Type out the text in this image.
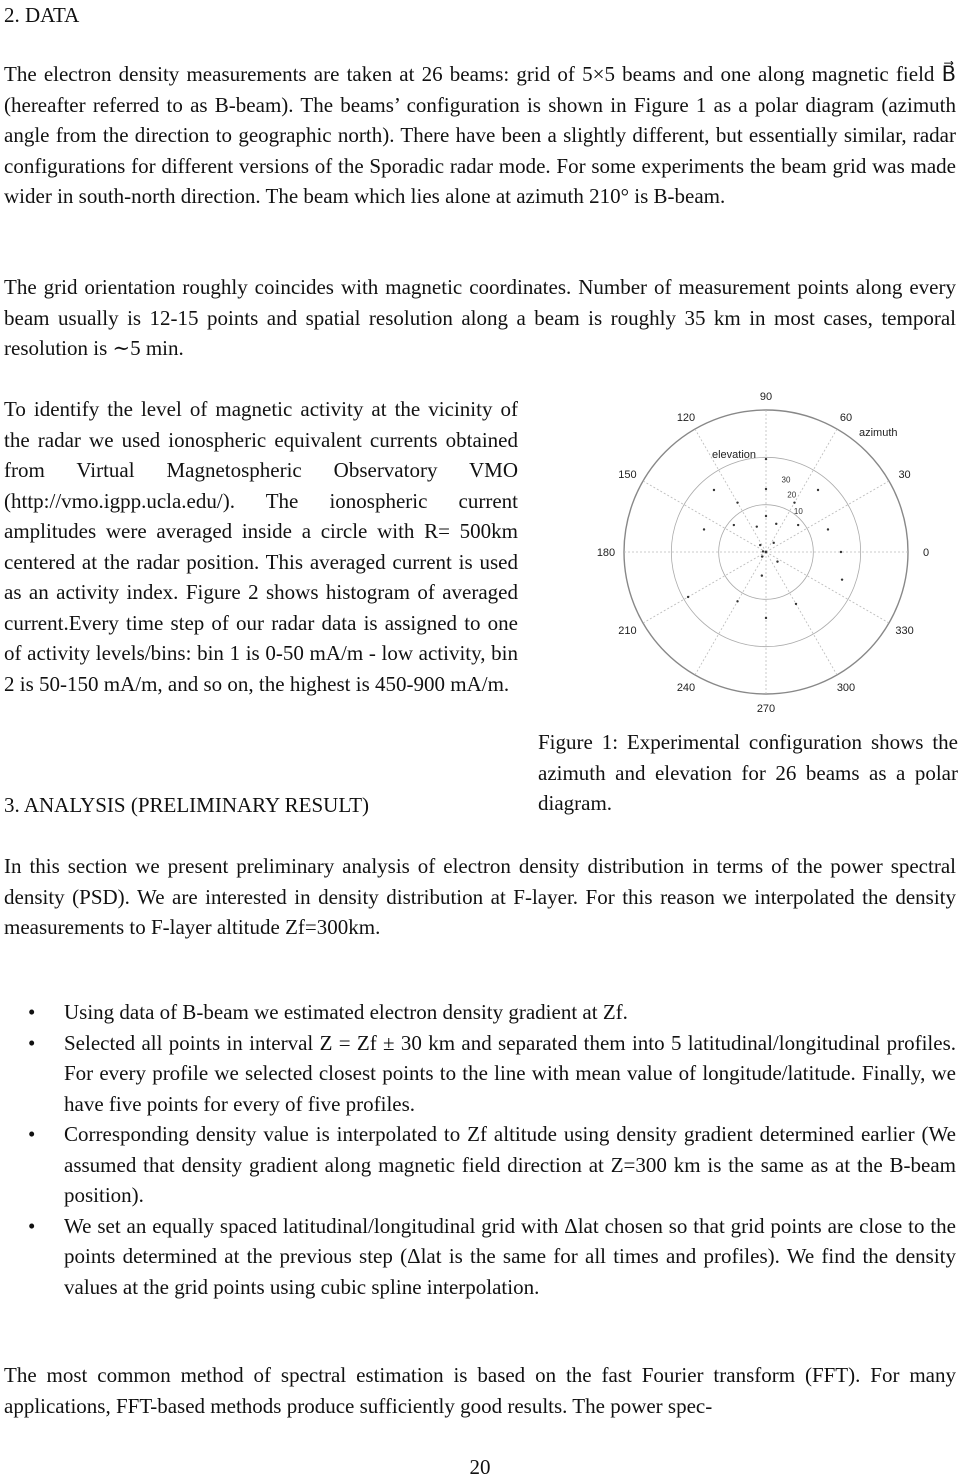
2. DATA
The electron density measurements are taken at 26 beams: grid of 5×5 beams and one along magnetic field B⃗ (hereafter referred to as B-beam). The beams’ configuration is shown in Figure 1 as a polar diagram (azimuth angle from the direction to geographic north). There have been a slightly different, but essentially similar, radar configurations for different versions of the Sporadic radar mode. For some experiments the beam grid was made wider in south-north direction. The beam which lies alone at azimuth 210° is B-beam.
The grid orientation roughly coincides with magnetic coordinates. Number of measurement points along every beam usually is 12-15 points and spatial resolution along a beam is roughly 35 km in most cases, temporal resolution is ∼5 min.
To identify the level of magnetic activity at the vicinity of the radar we used ionospheric equivalent currents obtained from Virtual Magnetospheric Observatory VMO (http://vmo.igpp.ucla.edu/). The ionospheric current amplitudes were averaged inside a circle with R= 500km centered at the radar position. This averaged current is used as an activity index. Figure 2 shows histogram of averaged current.Every time step of our radar data is assigned to one of activity levels/bins: bin 1 is 0-50 mA/m - low activity, bin 2 is 50-150 mA/m, and so on, the highest is 450-900 mA/m.
3. ANALYSIS (PRELIMINARY RESULT)
0
30
60
90
120
150
180
210
240
270
300
330
30
20
10
azimuth
elevation
Figure 1: Experimental configuration shows the azimuth and elevation for 26 beams as a polar diagram.
In this section we present preliminary analysis of electron density distribution in terms of the power spectral density (PSD). We are interested in density distribution at F-layer. For this reason we interpolated the density measurements to F-layer altitude Zf=300km.
• Using data of B-beam we estimated electron density gradient at Zf.
• Selected all points in interval Z = Zf ± 30 km and separated them into 5 latitudinal/longitudinal profiles. For every profile we selected closest points to the line with mean value of longitude/latitude. Finally, we have five points for every of five profiles.
• Corresponding density value is interpolated to Zf altitude using density gradient determined earlier (We assumed that density gradient along magnetic field direction at Z=300 km is the same as at the B-beam position).
• We set an equally spaced latitudinal/longitudinal grid with Δlat chosen so that grid points are close to the points determined at the previous step (Δlat is the same for all times and profiles). We find the density values at the grid points using cubic spline interpolation.
The most common method of spectral estimation is based on the fast Fourier transform (FFT). For many applications, FFT-based methods produce sufficiently good results. The power spec-
20
